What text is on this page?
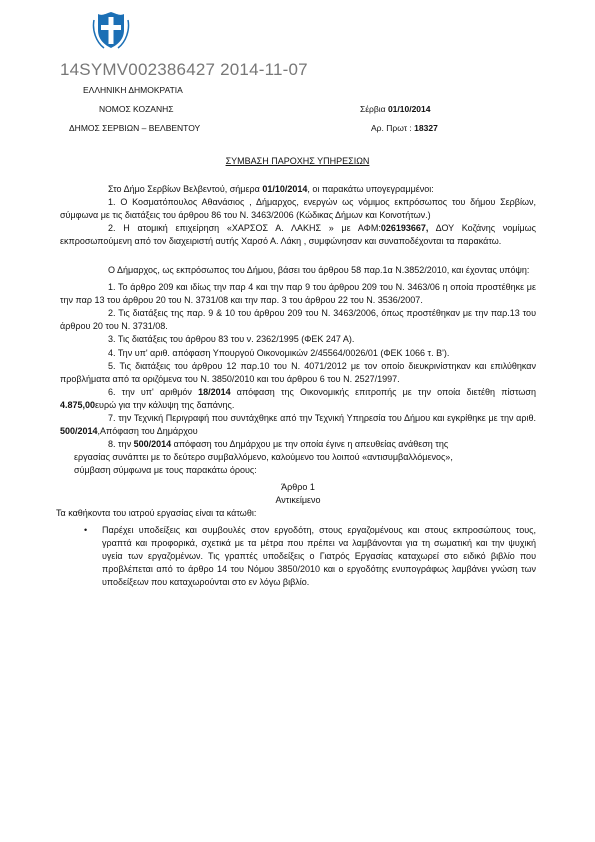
14SYMV002386427 2014-11-07
ΕΛΛΗΝΙΚΗ ΔΗΜΟΚΡΑΤΙΑ
ΝΟΜΟΣ ΚΟΖΑΝΗΣ
ΔΗΜΟΣ ΣΕΡΒΙΩΝ – ΒΕΛΒΕΝΤΟΥ
Σέρβια 01/10/2014
Αρ. Πρωτ : 18327
ΣΥΜΒΑΣΗ ΠΑΡΟΧΗΣ ΥΠΗΡΕΣΙΩΝ

Στο Δήμο Σερβίων Βελβεντού, σήμερα 01/10/2014, οι παρακάτω υπογεγραμμένοι:

1. Ο Κοσματόπουλος Αθανάσιος , Δήμαρχος, ενεργών ως νόμιμος εκπρόσωπος του δήμου Σερβίων, σύμφωνα με τις διατάξεις του άρθρου 86 του Ν. 3463/2006 (Κώδικας Δήμων και Κοινοτήτων.)

2. Η ατομική επιχείρηση «ΧΑΡΣΟΣ Α. ΛΑΚΗΣ » με ΑΦΜ:026193667, ΔΟΥ Κοζάνης νομίμως εκπροσωπούμενη από τον διαχειριστή αυτής Χαρσό Α. Λάκη , συμφώνησαν και συναποδέχονται τα παρακάτω.

Ο Δήμαρχος, ως εκπρόσωπος του Δήμου, βάσει του άρθρου 58 παρ.1α Ν.3852/2010, και έχοντας υπόψη:

1. Το άρθρο 209 και ιδίως την παρ 4 και την παρ 9 του άρθρου 209 του Ν. 3463/06 η οποία προστέθηκε με την παρ 13 του άρθρου 20 του Ν. 3731/08 και την παρ. 3 του άρθρου 22 του Ν. 3536/2007.

2. Τις διατάξεις της παρ. 9 & 10 του άρθρου 209 του Ν. 3463/2006, όπως προστέθηκαν με την παρ.13 του άρθρου 20 του Ν. 3731/08.

3. Τις διατάξεις του άρθρου 83 του ν. 2362/1995 (ΦΕΚ 247 Α).

4. Την υπ' αριθ. απόφαση Υπουργού Οικονομικών 2/45564/0026/01 (ΦΕΚ 1066 τ. Β').

5. Τις διατάξεις του άρθρου 12 παρ.10 του Ν. 4071/2012 με τον οποίο διευκρινίστηκαν και επιλύθηκαν προβλήματα από τα οριζόμενα του Ν. 3850/2010 και του άρθρου 6 του Ν. 2527/1997.

6. την υπ' αριθμόν 18/2014 απόφαση της Οικονομικής επιτροπής με την οποία διετέθη πίστωση 4.875,00ευρώ για την κάλυψη της δαπάνης.

7. την Τεχνική Περιγραφή που συντάχθηκε από την Τεχνική Υπηρεσία του Δήμου και εγκρίθηκε με την αριθ. 500/2014,Απόφαση του Δημάρχου

8. την 500/2014 απόφαση του Δημάρχου με την οποία έγινε η απευθείας ανάθεση της

εργασίας συνάπτει με το δεύτερο συμβαλλόμενο, καλούμενο του λοιπού «αντισυμβαλλόμενος»,

σύμβαση σύμφωνα με τους παρακάτω όρους:

Άρθρο 1

Αντικείμενο

Τα καθήκοντα του ιατρού εργασίας είναι τα κάτωθι:

•	Παρέχει υποδείξεις και συμβουλές στον εργοδότη, στους εργαζομένους και στους εκπροσώπους τους, γραπτά και προφορικά, σχετικά με τα μέτρα που πρέπει να λαμβάνονται για τη σωματική και την ψυχική υγεία των εργαζομένων. Τις γραπτές υποδείξεις ο Γιατρός Εργασίας καταχωρεί στο ειδικό βιβλίο που προβλέπεται από το άρθρο 14 του Νόμου 3850/2010 και ο εργοδότης ενυπογράφως λαμβάνει γνώση των υποδείξεων που καταχωρούνται στο εν λόγω βιβλίο.
